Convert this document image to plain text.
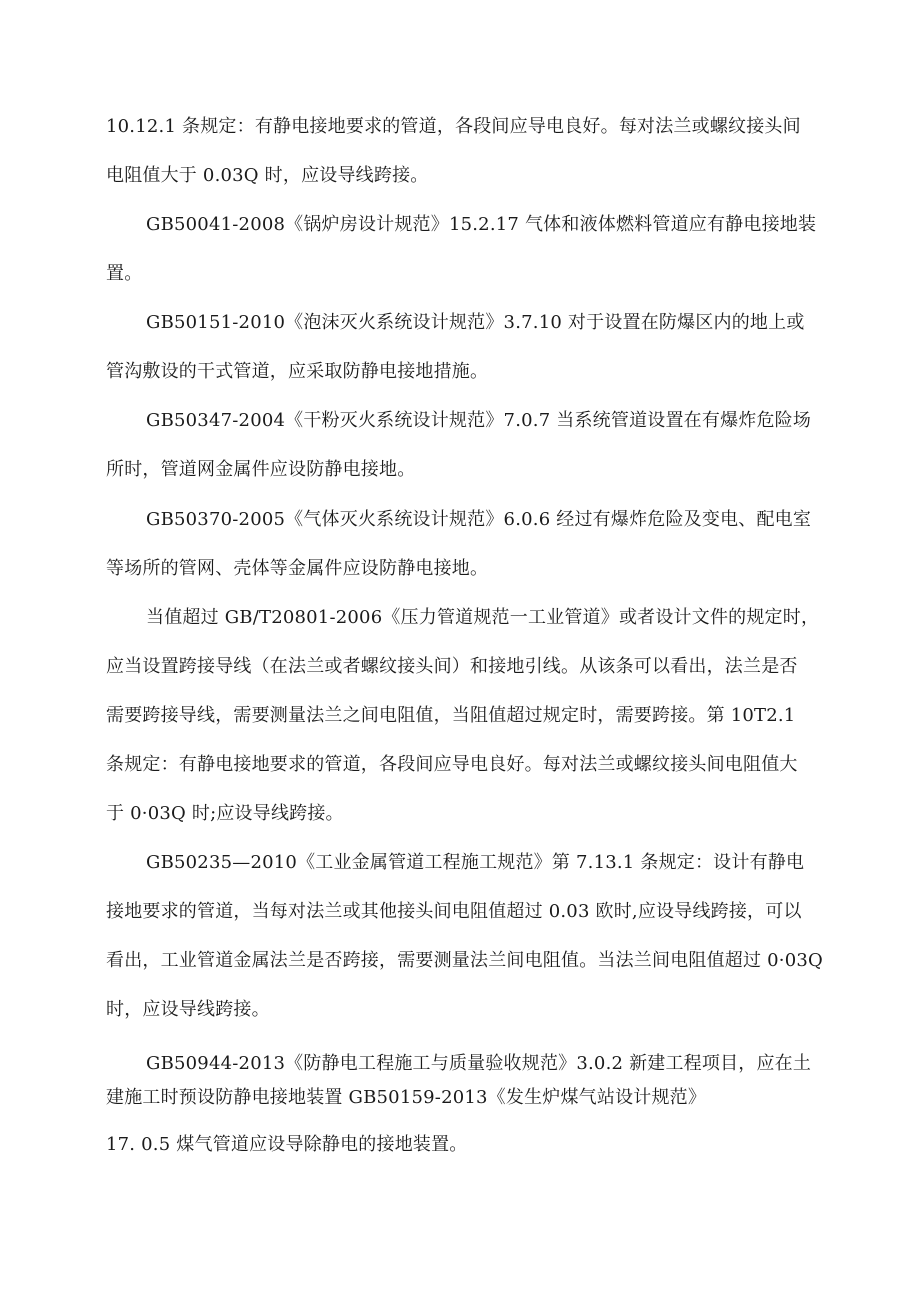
10.12.1 条规定：有静电接地要求的管道，各段间应导电良好。每对法兰或螺纹接头间
电阻值大于 0.03Q 时，应设导线跨接。
GB50041-2008《锅炉房设计规范》15.2.17 气体和液体燃料管道应有静电接地装
置。
GB50151-2010《泡沫灭火系统设计规范》3.7.10 对于设置在防爆区内的地上或
管沟敷设的干式管道，应采取防静电接地措施。
GB50347-2004《干粉灭火系统设计规范》7.0.7 当系统管道设置在有爆炸危险场
所时，管道网金属件应设防静电接地。
GB50370-2005《气体灭火系统设计规范》6.0.6 经过有爆炸危险及变电、配电室
等场所的管网、壳体等金属件应设防静电接地。
当值超过 GB/T20801-2006《压力管道规范一工业管道》或者设计文件的规定时，
应当设置跨接导线（在法兰或者螺纹接头间）和接地引线。从该条可以看出，法兰是否
需要跨接导线，需要测量法兰之间电阻值，当阻值超过规定时，需要跨接。第 10T2.1
条规定：有静电接地要求的管道，各段间应导电良好。每对法兰或螺纹接头间电阻值大
于 0·03Q 时;应设导线跨接。
GB50235—2010《工业金属管道工程施工规范》第 7.13.1 条规定：设计有静电
接地要求的管道，当每对法兰或其他接头间电阻值超过 0.03 欧时,应设导线跨接，可以
看出，工业管道金属法兰是否跨接，需要测量法兰间电阻值。当法兰间电阻值超过 0·03Q
时，应设导线跨接。
GB50944-2013《防静电工程施工与质量验收规范》3.0.2 新建工程项目，应在土
建施工时预设防静电接地装置 GB50159-2013《发生炉煤气站设计规范》
17. 0.5 煤气管道应设导除静电的接地装置。
